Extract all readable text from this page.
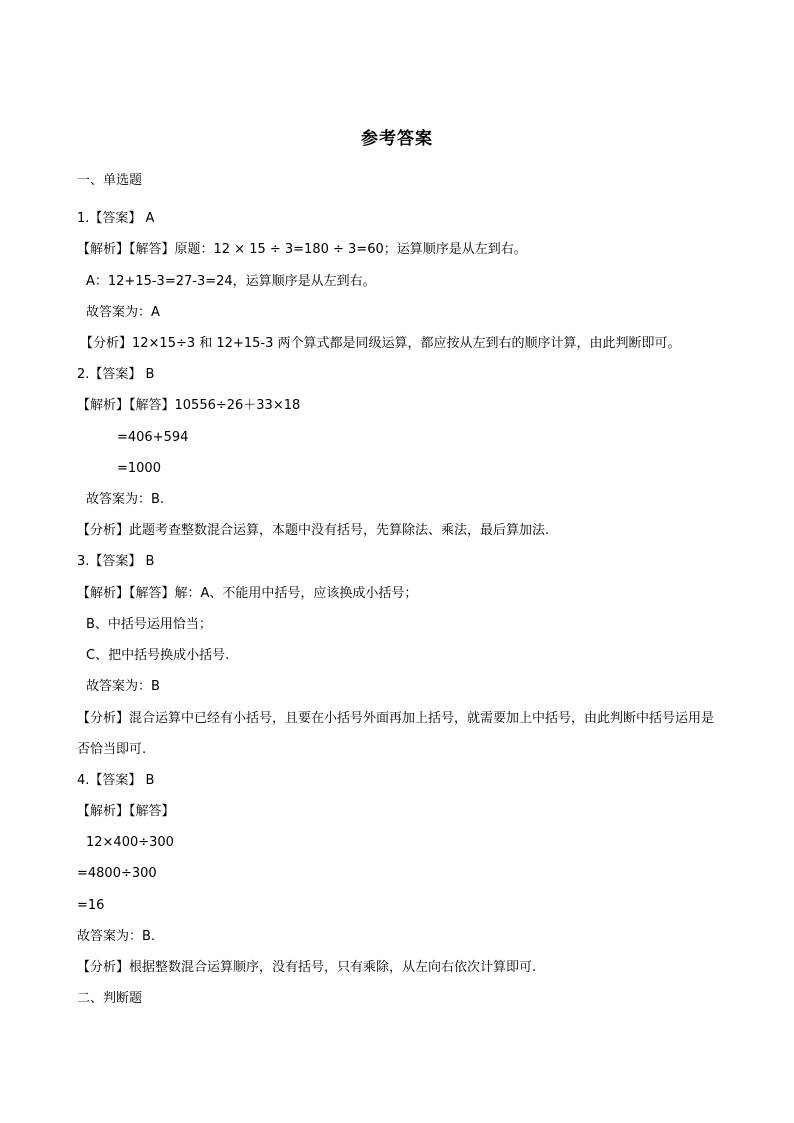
参考答案
一、单选题
1.【答案】 A
【解析】【解答】原题：12 × 15 ÷ 3=180 ÷ 3=60；运算顺序是从左到右。
A：12+15-3=27-3=24，运算顺序是从左到右。
故答案为：A
【分析】12×15÷3 和 12+15-3 两个算式都是同级运算，都应按从左到右的顺序计算，由此判断即可。
2.【答案】 B
【解析】【解答】10556÷26＋33×18
=406+594
=1000
故答案为：B.
【分析】此题考查整数混合运算，本题中没有括号，先算除法、乘法，最后算加法.
3.【答案】 B
【解析】【解答】解：A、不能用中括号，应该换成小括号；
B、中括号运用恰当；
C、把中括号换成小括号.
故答案为：B
【分析】混合运算中已经有小括号，且要在小括号外面再加上括号，就需要加上中括号，由此判断中括号运用是否恰当即可.
4.【答案】 B
【解析】【解答】
12×400÷300
=4800÷300
=16
故答案为：B.
【分析】根据整数混合运算顺序，没有括号，只有乘除，从左向右依次计算即可.
二、判断题
